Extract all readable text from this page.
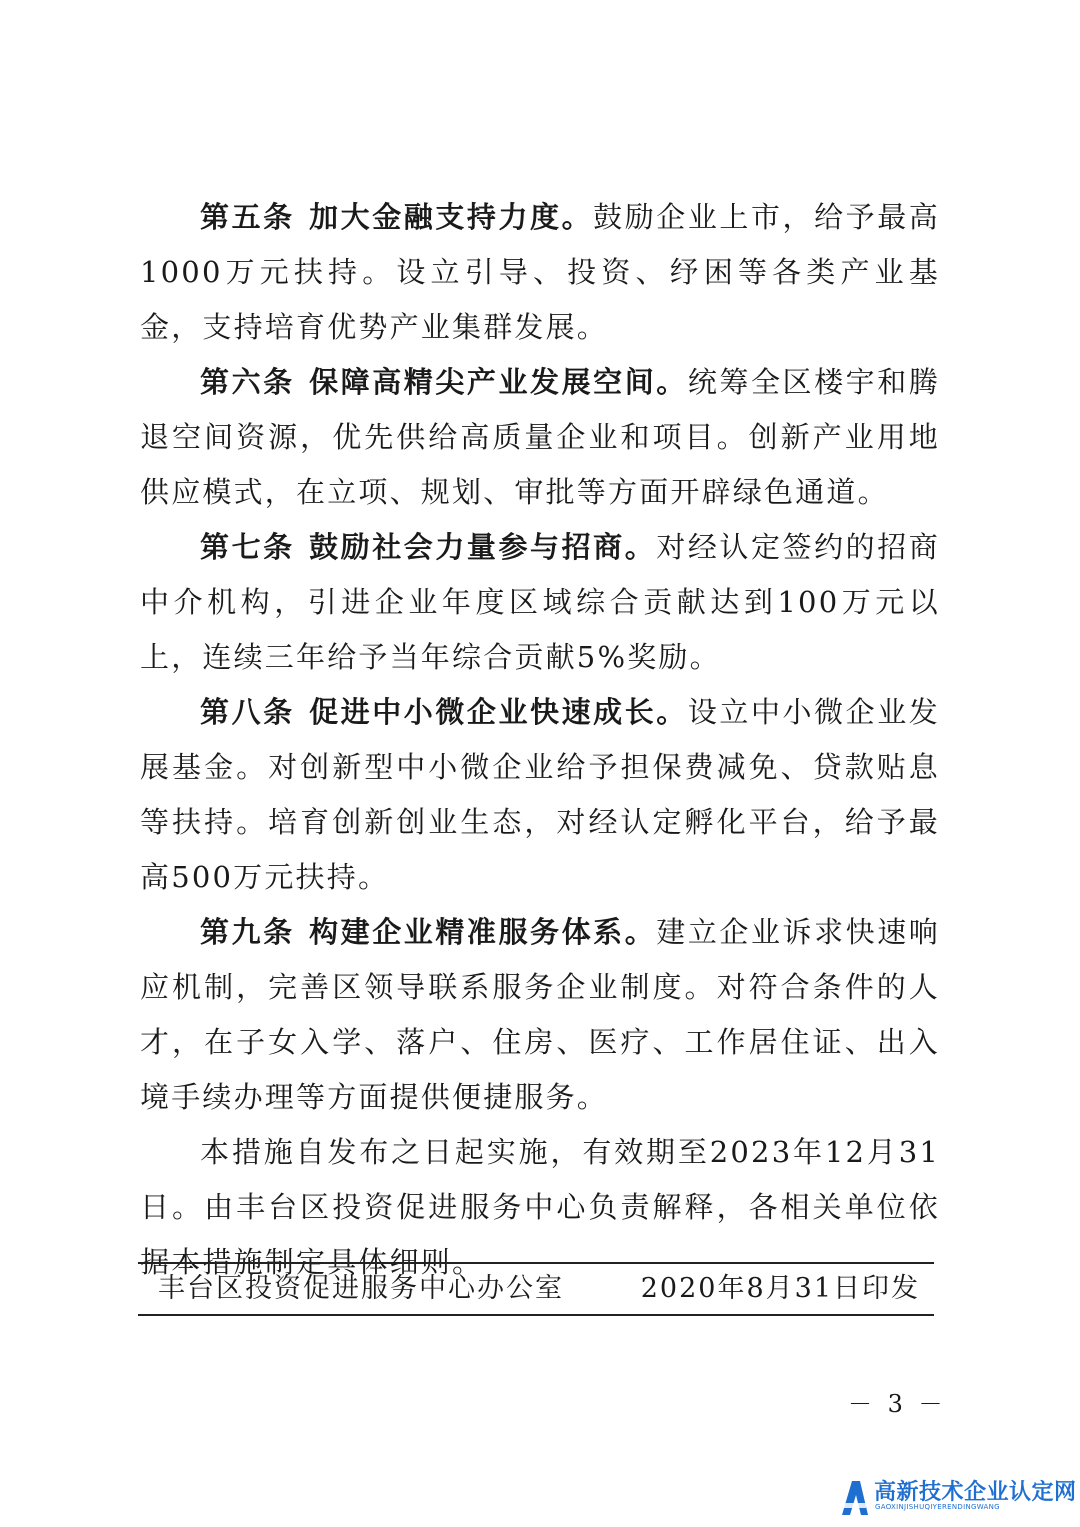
第五条 加大金融支持力度。鼓励企业上市，给予最高1000万元扶持。设立引导、投资、纾困等各类产业基金，支持培育优势产业集群发展。

第六条 保障高精尖产业发展空间。统筹全区楼宇和腾退空间资源，优先供给高质量企业和项目。创新产业用地供应模式，在立项、规划、审批等方面开辟绿色通道。

第七条 鼓励社会力量参与招商。对经认定签约的招商中介机构，引进企业年度区域综合贡献达到100万元以上，连续三年给予当年综合贡献5%奖励。

第八条 促进中小微企业快速成长。设立中小微企业发展基金。对创新型中小微企业给予担保费减免、贷款贴息等扶持。培育创新创业生态，对经认定孵化平台，给予最高500万元扶持。

第九条 构建企业精准服务体系。建立企业诉求快速响应机制，完善区领导联系服务企业制度。对符合条件的人才，在子女入学、落户、住房、医疗、工作居住证、出入境手续办理等方面提供便捷服务。

本措施自发布之日起实施，有效期至2023年12月31日。由丰台区投资促进服务中心负责解释，各相关单位依据本措施制定具体细则。

丰台区投资促进服务中心办公室	2020年8月31日印发
－ 3 －
高新技术企业认定网
GAOXINJISHUQIYERENDINGWANG
